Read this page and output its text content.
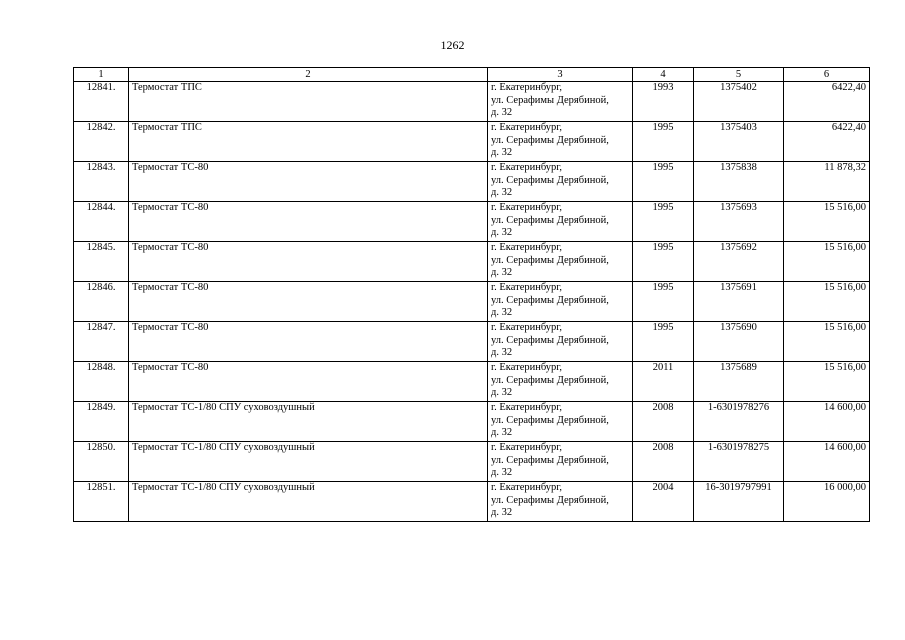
1262
1	2	3	4	5	6
12841.	Термостат ТПС	г. Екатеринбург,
ул. Серафимы Дерябиной,
д. 32	1993	1375402	6422,40
12842.	Термостат ТПС	г. Екатеринбург,
ул. Серафимы Дерябиной,
д. 32	1995	1375403	6422,40
12843.	Термостат ТС-80	г. Екатеринбург,
ул. Серафимы Дерябиной,
д. 32	1995	1375838	11 878,32
12844.	Термостат ТС-80	г. Екатеринбург,
ул. Серафимы Дерябиной,
д. 32	1995	1375693	15 516,00
12845.	Термостат ТС-80	г. Екатеринбург,
ул. Серафимы Дерябиной,
д. 32	1995	1375692	15 516,00
12846.	Термостат ТС-80	г. Екатеринбург,
ул. Серафимы Дерябиной,
д. 32	1995	1375691	15 516,00
12847.	Термостат ТС-80	г. Екатеринбург,
ул. Серафимы Дерябиной,
д. 32	1995	1375690	15 516,00
12848.	Термостат ТС-80	г. Екатеринбург,
ул. Серафимы Дерябиной,
д. 32	2011	1375689	15 516,00
12849.	Термостат ТС-1/80 СПУ суховоздушный	г. Екатеринбург,
ул. Серафимы Дерябиной,
д. 32	2008	1-6301978276	14 600,00
12850.	Термостат ТС-1/80 СПУ суховоздушный	г. Екатеринбург,
ул. Серафимы Дерябиной,
д. 32	2008	1-6301978275	14 600,00
12851.	Термостат ТС-1/80 СПУ суховоздушный	г. Екатеринбург,
ул. Серафимы Дерябиной,
д. 32	2004	16-3019797991	16 000,00
